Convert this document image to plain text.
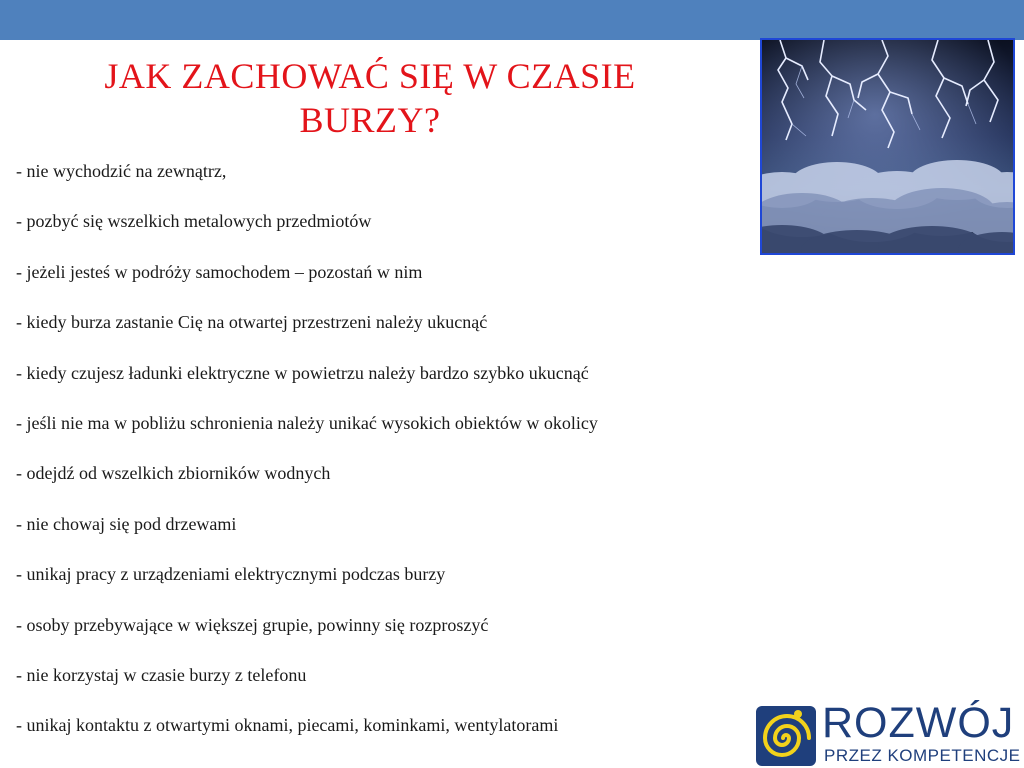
JAK ZACHOWAĆ SIĘ W CZASIE BURZY?
- nie wychodzić na zewnątrz,
- pozbyć się wszelkich metalowych przedmiotów
- jeżeli jesteś w podróży samochodem – pozostań w nim
- kiedy burza zastanie Cię na otwartej przestrzeni należy ukucnąć
- kiedy czujesz ładunki elektryczne w powietrzu należy bardzo szybko ukucnąć
- jeśli nie ma w pobliżu schronienia należy unikać wysokich obiektów w okolicy
- odejdź od wszelkich zbiorników wodnych
- nie chowaj się pod drzewami
- unikaj pracy z urządzeniami elektrycznymi podczas burzy
- osoby przebywające w większej grupie, powinny się rozproszyć
- nie korzystaj w czasie burzy z telefonu
- unikaj kontaktu z otwartymi oknami, piecami, kominkami, wentylatorami	ROZWÓJ

PRZEZ KOMPETENCJE
